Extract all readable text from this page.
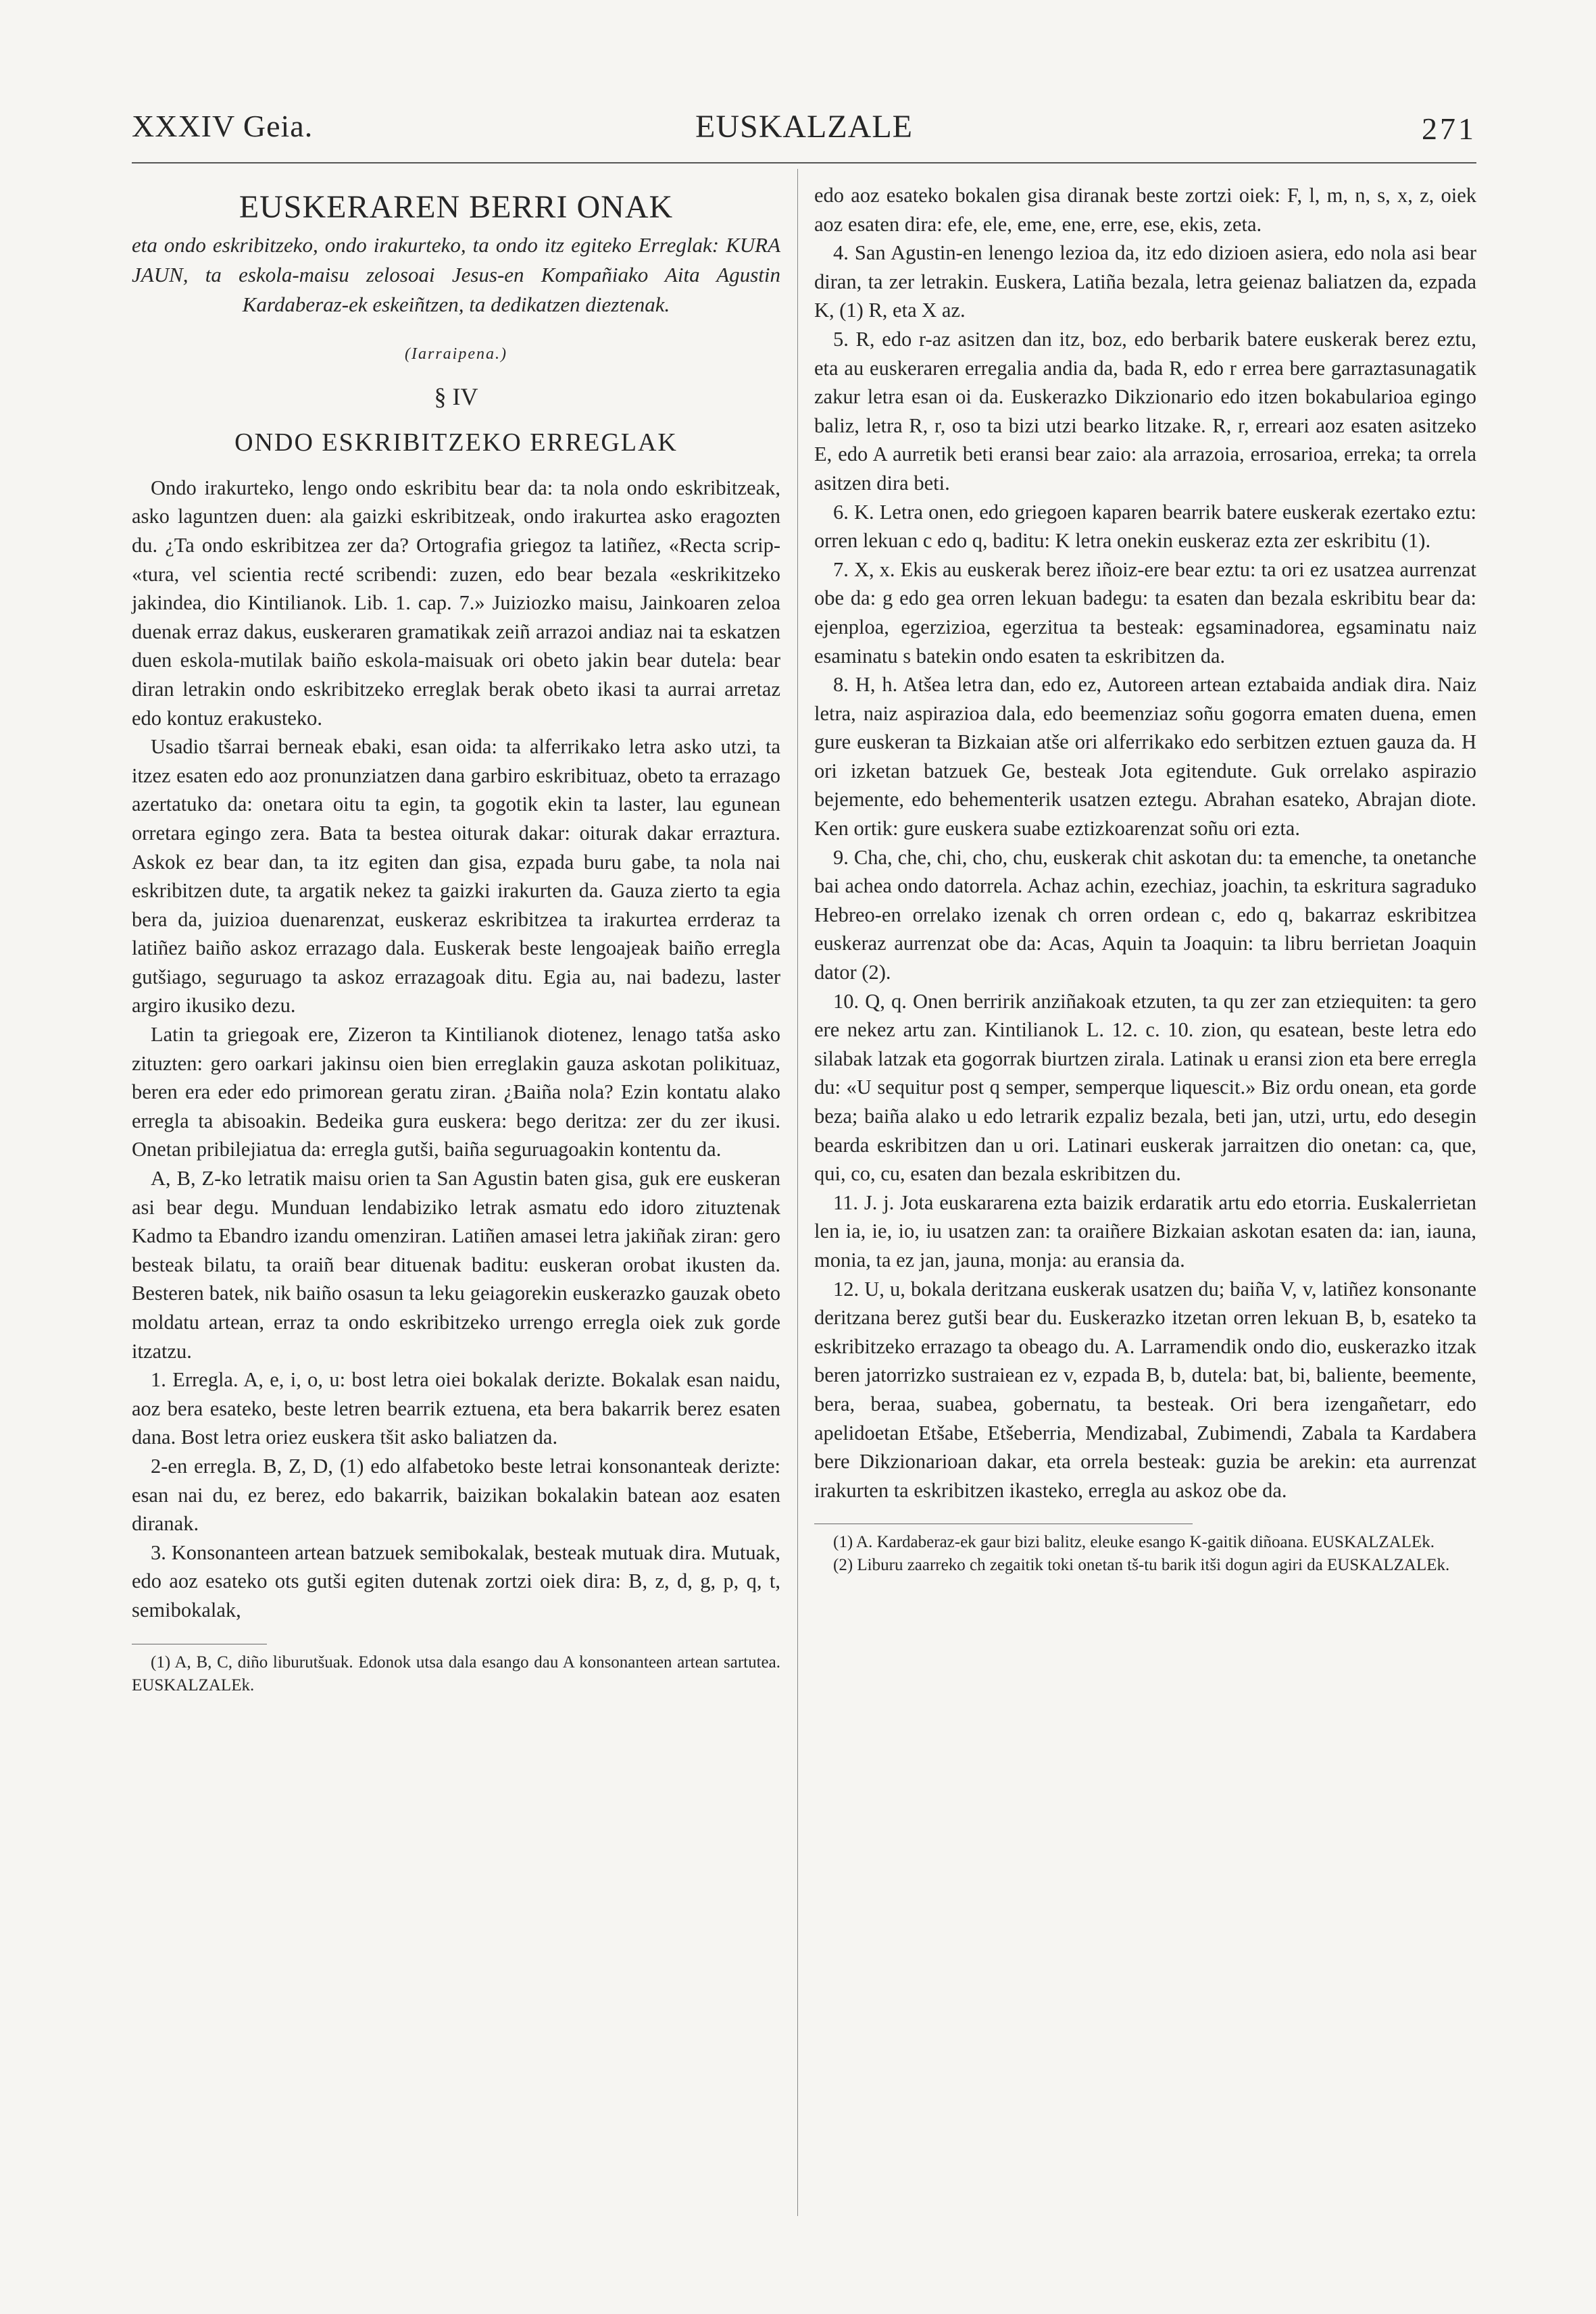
XXXIV Geia.	EUSKALZALE	271
EUSKERAREN BERRI ONAK
eta ondo eskribitzeko, ondo irakurteko, ta ondo itz egiteko Erreglak: KURA JAUN, ta eskola-maisu zelosoai Jesus-en Kompañiako Aita Agustin Kardaberaz-ek eskeiñtzen, ta dedikatzen dieztenak.
(Iarraipena.)
§ IV
ONDO ESKRIBITZEKO ERREGLAK

Ondo irakurteko, lengo ondo eskribitu bear da: ta nola ondo eskribitzeak, asko laguntzen duen: ala gaizki eskribitzeak, ondo irakurtea asko eragozten du. ¿Ta ondo eskribitzea zer da? Ortografia griegoz ta latiñez, «Recta scrip- «tura, vel scientia recté scribendi: zuzen, edo bear bezala «eskrikitzeko jakindea, dio Kintilianok. Lib. 1. cap. 7.» Juiziozko maisu, Jainkoaren zeloa duenak erraz dakus, euskeraren gramatikak zeiñ arrazoi andiaz nai ta eskatzen duen eskola-mutilak baiño eskola-maisuak ori obeto jakin bear dutela: bear diran letrakin ondo eskribitzeko erreglak berak obeto ikasi ta aurrai arretaz edo kontuz erakusteko.

Usadio tšarrai berneak ebaki, esan oida: ta alferrikako letra asko utzi, ta itzez esaten edo aoz pronunziatzen dana garbiro eskribituaz, obeto ta errazago azertatuko da: onetara oitu ta egin, ta gogotik ekin ta laster, lau egunean orretara egingo zera. Bata ta bestea oiturak dakar: oiturak dakar erraztura. Askok ez bear dan, ta itz egiten dan gisa, ezpada buru gabe, ta nola nai eskribitzen dute, ta argatik nekez ta gaizki irakurten da. Gauza zierto ta egia bera da, juizioa duenarenzat, euskeraz eskribitzea ta irakurtea errderaz ta latiñez baiño askoz errazago dala. Euskerak beste lengoajeak baiño erregla gutšiago, seguruago ta askoz errazagoak ditu. Egia au, nai badezu, laster argiro ikusiko dezu.

Latin ta griegoak ere, Zizeron ta Kintilianok diotenez, lenago tatša asko zituzten: gero oarkari jakinsu oien bien erreglakin gauza askotan polikituaz, beren era eder edo primorean geratu ziran. ¿Baiña nola? Ezin kontatu alako erregla ta abisoakin. Bedeika gura euskera: bego deritza: zer du zer ikusi. Onetan pribilejiatua da: erregla gutši, baiña seguruagoakin kontentu da.

A, B, Z-ko letratik maisu orien ta San Agustin baten gisa, guk ere euskeran asi bear degu. Munduan lendabiziko letrak asmatu edo idoro zituztenak Kadmo ta Ebandro izandu omenziran. Latiñen amasei letra jakiñak ziran: gero besteak bilatu, ta oraiñ bear dituenak baditu: euskeran orobat ikusten da. Besteren batek, nik baiño osasun ta leku geiagorekin euskerazko gauzak obeto moldatu artean, erraz ta ondo eskribitzeko urrengo erregla oiek zuk gorde itzatzu.

1. Erregla. A, e, i, o, u: bost letra oiei bokalak derizte. Bokalak esan naidu, aoz bera esateko, beste letren bearrik eztuena, eta bera bakarrik berez esaten dana. Bost letra oriez euskera tšit asko baliatzen da.

2-en erregla. B, Z, D, (1) edo alfabetoko beste letrai konsonanteak derizte: esan nai du, ez berez, edo bakarrik, baizikan bokalakin batean aoz esaten diranak.

3. Konsonanteen artean batzuek semibokalak, besteak mutuak dira. Mutuak, edo aoz esateko ots gutši egiten dutenak zortzi oiek dira: B, z, d, g, p, q, t, semibokalak,

(1) A, B, C, diño liburutšuak. Edonok utsa dala esango dau A konsonanteen artean sartutea. EUSKALZALEk.

edo aoz esateko bokalen gisa diranak beste zortzi oiek: F, l, m, n, s, x, z, oiek aoz esaten dira: efe, ele, eme, ene, erre, ese, ekis, zeta.

4. San Agustin-en lenengo lezioa da, itz edo dizioen asiera, edo nola asi bear diran, ta zer letrakin. Euskera, Latiña bezala, letra geienaz baliatzen da, ezpada K, (1) R, eta X az.

5. R, edo r-az asitzen dan itz, boz, edo berbarik batere euskerak berez eztu, eta au euskeraren erregalia andia da, bada R, edo r errea bere garraztasunagatik zakur letra esan oi da. Euskerazko Dikzionario edo itzen bokabularioa egingo baliz, letra R, r, oso ta bizi utzi bearko litzake. R, r, erreari aoz esaten asitzeko E, edo A aurretik beti eransi bear zaio: ala arrazoia, errosarioa, erreka; ta orrela asitzen dira beti.

6. K. Letra onen, edo griegoen kaparen bearrik batere euskerak ezertako eztu: orren lekuan c edo q, baditu: K letra onekin euskeraz ezta zer eskribitu (1).

7. X, x. Ekis au euskerak berez iñoiz-ere bear eztu: ta ori ez usatzea aurrenzat obe da: g edo gea orren lekuan badegu: ta esaten dan bezala eskribitu bear da: ejenploa, egerzizioa, egerzitua ta besteak: egsaminadorea, egsaminatu naiz esaminatu s batekin ondo esaten ta eskribitzen da.

8. H, h. Atšea letra dan, edo ez, Autoreen artean eztabaida andiak dira. Naiz letra, naiz aspirazioa dala, edo beemenziaz soñu gogorra ematen duena, emen gure euskeran ta Bizkaian atše ori alferrikako edo serbitzen eztuen gauza da. H ori izketan batzuek Ge, besteak Jota egitendute. Guk orrelako aspirazio bejemente, edo behementerik usatzen eztegu. Abrahan esateko, Abrajan diote. Ken ortik: gure euskera suabe eztizkoarenzat soñu ori ezta.

9. Cha, che, chi, cho, chu, euskerak chit askotan du: ta emenche, ta onetanche bai achea ondo datorrela. Achaz achin, ezechiaz, joachin, ta eskritura sagraduko Hebreo-en orrelako izenak ch orren ordean c, edo q, bakarraz eskribitzea euskeraz aurrenzat obe da: Acas, Aquin ta Joaquin: ta libru berrietan Joaquin dator (2).

10. Q, q. Onen berririk anziñakoak etzuten, ta qu zer zan etziequiten: ta gero ere nekez artu zan. Kintilianok L. 12. c. 10. zion, qu esatean, beste letra edo silabak latzak eta gogorrak biurtzen zirala. Latinak u eransi zion eta bere erregla du: «U sequitur post q semper, semperque liquescit.» Biz ordu onean, eta gorde beza; baiña alako u edo letrarik ezpaliz bezala, beti jan, utzi, urtu, edo desegin bearda eskribitzen dan u ori. Latinari euskerak jarraitzen dio onetan: ca, que, qui, co, cu, esaten dan bezala eskribitzen du.

11. J. j. Jota euskararena ezta baizik erdaratik artu edo etorria. Euskalerrietan len ia, ie, io, iu usatzen zan: ta oraiñere Bizkaian askotan esaten da: ian, iauna, monia, ta ez jan, jauna, monja: au eransia da.

12. U, u, bokala deritzana euskerak usatzen du; baiña V, v, latiñez konsonante deritzana berez gutši bear du. Euskerazko itzetan orren lekuan B, b, esateko ta eskribitzeko errazago ta obeago du. A. Larramendik ondo dio, euskerazko itzak beren jatorrizko sustraiean ez v, ezpada B, b, dutela: bat, bi, baliente, beemente, bera, beraa, suabea, gobernatu, ta besteak. Ori bera izengañetarr, edo apelidoetan Etšabe, Etšeberria, Mendizabal, Zubimendi, Zabala ta Kardabera bere Dikzionarioan dakar, eta orrela besteak: guzia be arekin: eta aurrenzat irakurten ta eskribitzen ikasteko, erregla au askoz obe da.

(1) A. Kardaberaz-ek gaur bizi balitz, eleuke esango K-gaitik diñoana. EUSKALZALEk.

(2) Liburu zaarreko ch zegaitik toki onetan tš-tu barik itši dogun agiri da EUSKALZALEk.
